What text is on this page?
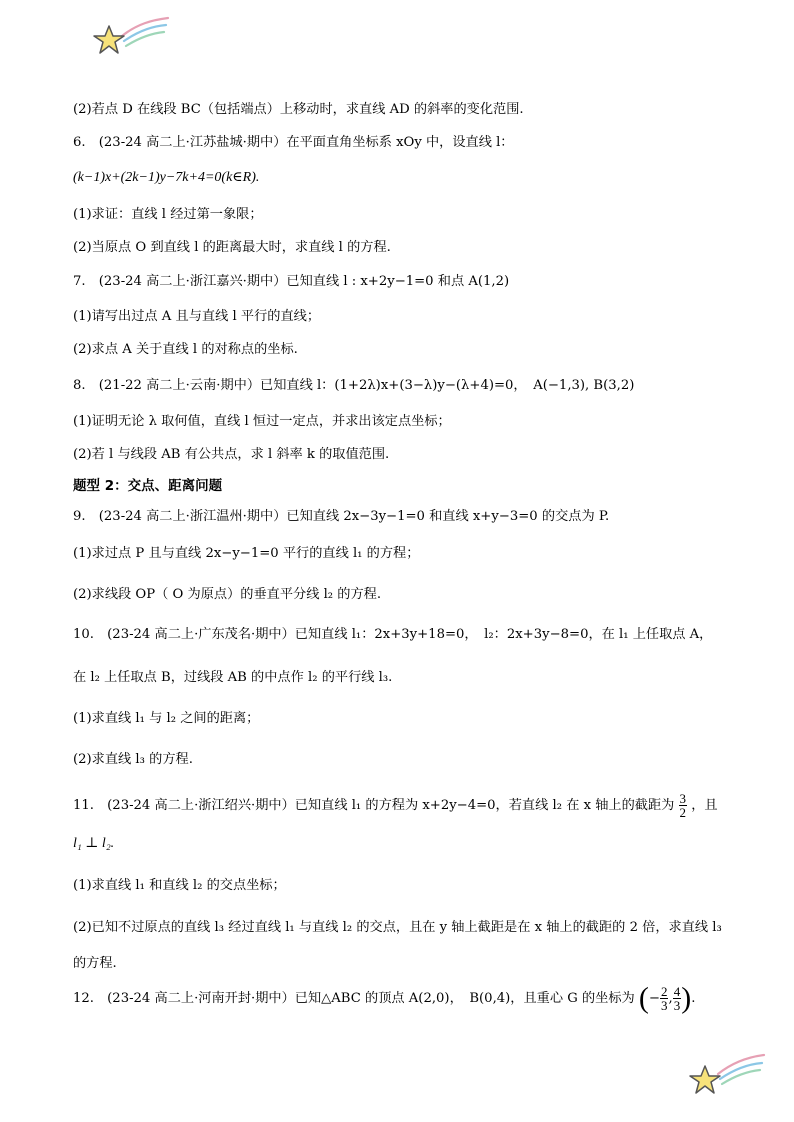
(2)若点 D 在线段 BC（包括端点）上移动时，求直线 AD 的斜率的变化范围.
6.　(23-24 高二上·江苏盐城·期中）在平面直角坐标系 xOy 中，设直线 l：
(k−1)x+(2k−1)y−7k+4=0(k∈R).
(1)求证：直线 l 经过第一象限；
(2)当原点 O 到直线 l 的距离最大时，求直线 l 的方程.
7.　(23-24 高二上·浙江嘉兴·期中）已知直线 l : x+2y−1=0 和点 A(1,2)
(1)请写出过点 A 且与直线 l 平行的直线；
(2)求点 A 关于直线 l 的对称点的坐标.
8.　(21-22 高二上·云南·期中）已知直线 l：(1+2λ)x+(3−λ)y−(λ+4)=0，　A(−1,3), B(3,2)
(1)证明无论 λ 取何值，直线 l 恒过一定点，并求出该定点坐标；
(2)若 l 与线段 AB 有公共点，求 l 斜率 k 的取值范围.
题型 2：交点、距离问题
9.　(23-24 高二上·浙江温州·期中）已知直线 2x−3y−1=0 和直线 x+y−3=0 的交点为 P.
(1)求过点 P 且与直线 2x−y−1=0 平行的直线 l₁ 的方程；
(2)求线段 OP（ O 为原点）的垂直平分线 l₂ 的方程.
10.　(23-24 高二上·广东茂名·期中）已知直线 l₁：2x+3y+18=0，　l₂：2x+3y−8=0，在 l₁ 上任取点 A，
在 l₂ 上任取点 B，过线段 AB 的中点作 l₂ 的平行线 l₃.
(1)求直线 l₁ 与 l₂ 之间的距离；
(2)求直线 l₃ 的方程.
11.　(23-24 高二上·浙江绍兴·期中）已知直线 l₁ 的方程为 x+2y−4=0，若直线 l₂ 在 x 轴上的截距为 $\frac{3}{2}$ ，且
l₁ ⊥ l₂.
(1)求直线 l₁ 和直线 l₂ 的交点坐标；
(2)已知不过原点的直线 l₃ 经过直线 l₁ 与直线 l₂ 的交点，且在 y 轴上截距是在 x 轴上的截距的 2 倍，求直线 l₃
的方程.
12.　(23-24 高二上·河南开封·期中）已知△ABC 的顶点 A(2,0)，　B(0,4)，且重心 G 的坐标为 (− $\frac{2}{3}$ , $\frac{4}{3}$ ).
